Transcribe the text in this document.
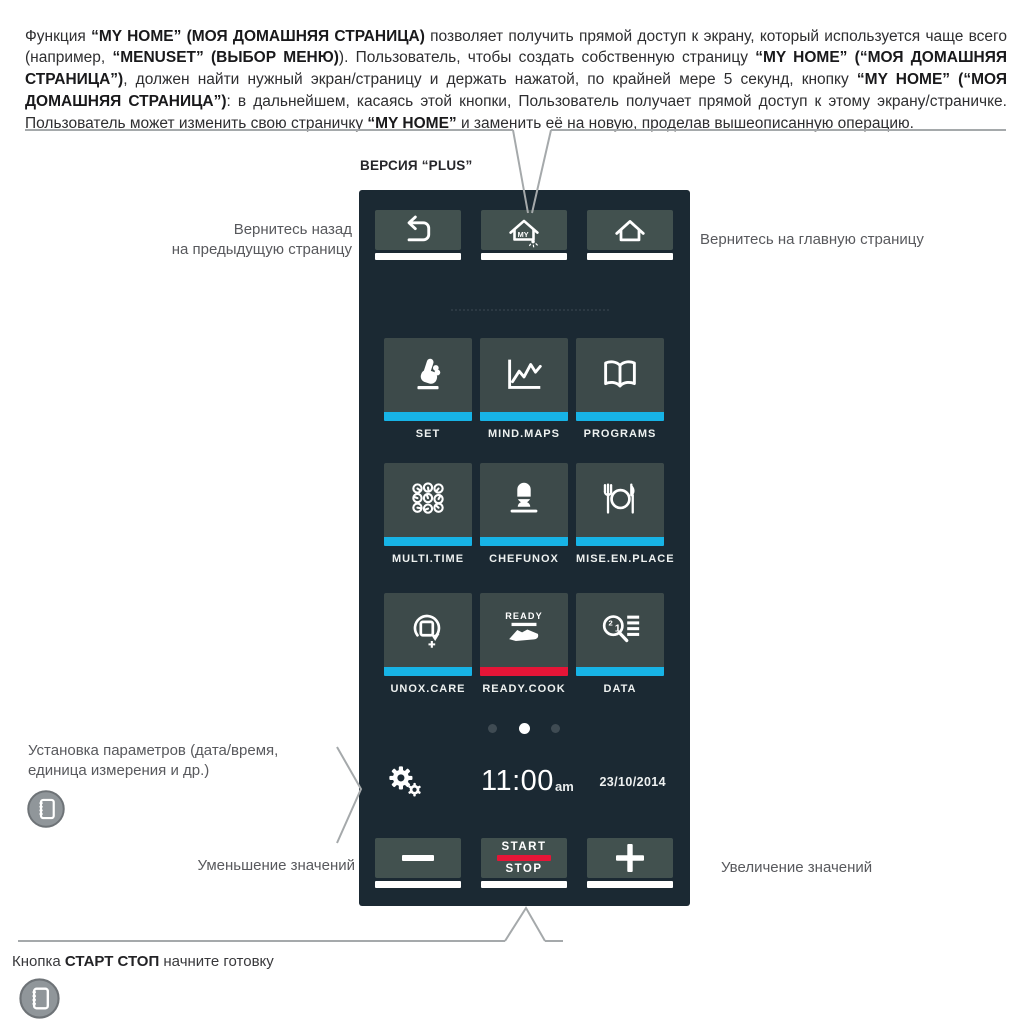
Функция “MY HOME” (МОЯ ДОМАШНЯЯ СТРАНИЦА) позволяет получить прямой доступ к экрану, который используется чаще всего (например, “MENUSET” (ВЫБОР МЕНЮ)). Пользователь, чтобы создать собственную страницу “MY HOME” (“МОЯ ДОМАШНЯЯ СТРАНИЦА”), должен найти нужный экран/страницу и держать нажатой, по крайней мере 5 секунд, кнопку “MY HOME” (“МОЯ ДОМАШНЯЯ СТРАНИЦА”): в дальнейшем, касаясь этой кнопки, Пользователь получает прямой доступ к этому экрану/страничке. Пользователь может изменить свою страничку “MY HOME” и заменить её на новую, проделав вышеописанную операцию.

ВЕРСИЯ “PLUS”
Вернитесь назад
на предыдущую страницу
Вернитесь на главную страницу
Установка параметров (дата/время,
единица измерения и др.)
Уменьшение значений	Увеличение значений
Кнопка СТАРТ СТОП начните готовку
MY
SET	MIND.MAPS	PROGRAMS
MULTI.TIME	CHEFUNOX	MISE.EN.PLACE
UNOX.CARE
READY
READY.COOK
2 1
DATA
11:00 am 23/10/2014
START
STOP
